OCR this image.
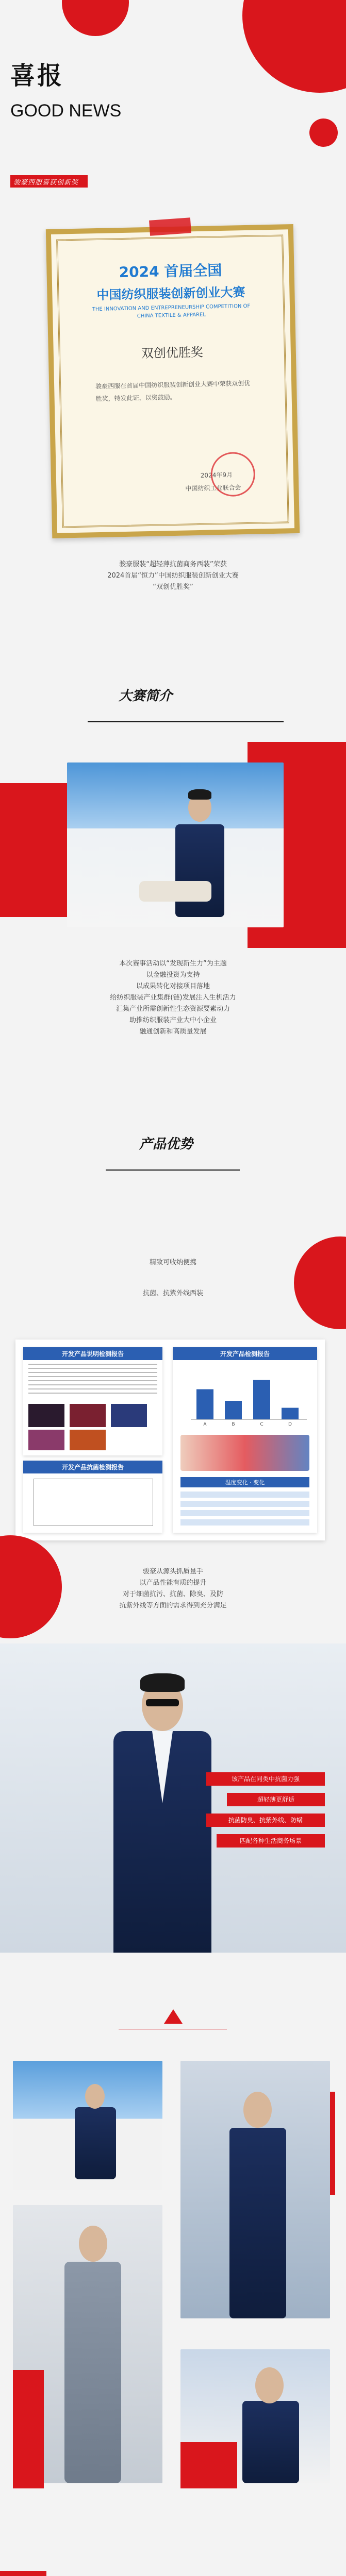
喜报
GOOD NEWS
骏豪西服喜获创新奖
2024 首届全国
中国纺织服装创新创业大赛
THE INNOVATION AND ENTREPRENEURSHIP COMPETITION OF CHINA TEXTILE & APPAREL
双创优胜奖
骏豪西服在首届中国纺织服装创新创业大赛中荣获双创优胜奖，特发此证，以资鼓励。
2024年9月
中国纺织工业联合会
骏豪服装“超轻薄抗菌商务西装”荣获
2024首届“恒力”中国纺织服装创新创业大赛
“双创优胜奖”
大赛简介
本次赛事活动以“发现新生力”为主题
以金融投资为支持
以成果转化对接项目落地
给纺织服装产业集群(链)发展注入生机活力
汇集产业所需创新性生态资源要素动力
助推纺织服装产业大中小企业
融通创新和高质量发展
产品优势
精致可收纳便携
抗菌、抗紫外线西装
开发产品说明检测报告
开发产品抗菌检测报告
开发产品检测报告
A	B	C	D
温度变化 · 变化
骏豪从源头抓质量手
以产品性能有质的提升
对于细菌抗污、抗菌、除臭、及防
抗紫外线等方面的需求得到充分满足
该产品在同类中抗菌力强
超轻薄更舒适
抗菌防臭、抗紫外线、防螨
匹配各种生活商务场景
